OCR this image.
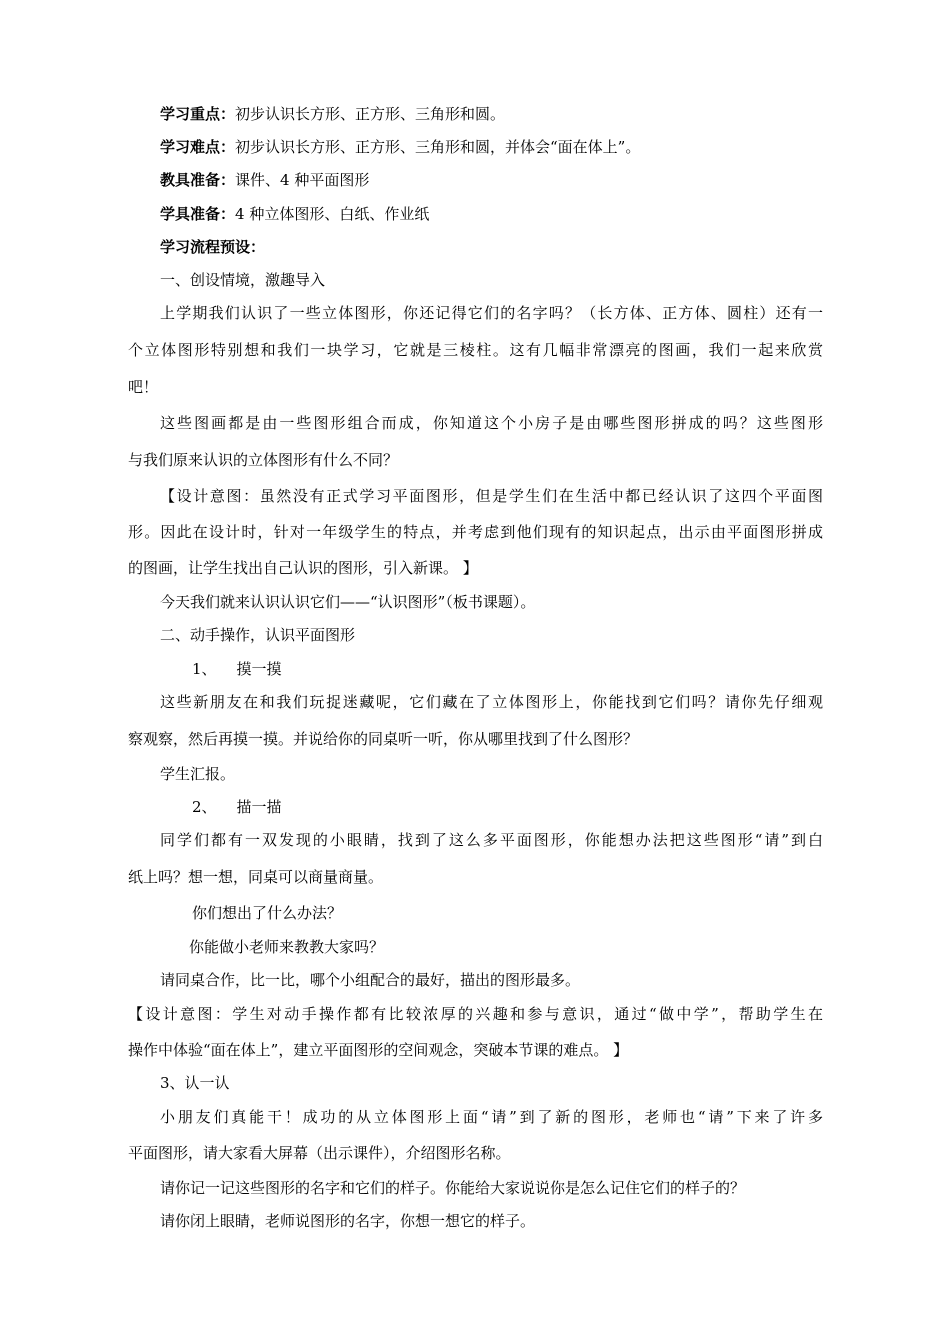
学习重点：初步认识长方形、正方形、三角形和圆。
学习难点：初步认识长方形、正方形、三角形和圆，并体会“面在体上”。
教具准备：课件、4 种平面图形
学具准备：4 种立体图形、白纸、作业纸
学习流程预设：
一、创设情境，激趣导入
上学期我们认识了一些立体图形，你还记得它们的名字吗？（长方体、正方体、圆柱）还有一
个立体图形特别想和我们一块学习，它就是三棱柱。这有几幅非常漂亮的图画，我们一起来欣赏
吧！
这些图画都是由一些图形组合而成，你知道这个小房子是由哪些图形拼成的吗？这些图形
与我们原来认识的立体图形有什么不同？
【设计意图：虽然没有正式学习平面图形，但是学生们在生活中都已经认识了这四个平面图
形。因此在设计时，针对一年级学生的特点，并考虑到他们现有的知识起点，出示由平面图形拼成
的图画，让学生找出自己认识的图形，引入新课。 】
今天我们就来认识认识它们——“认识图形”（板书课题）。
二、动手操作，认识平面图形
1、 摸一摸
这些新朋友在和我们玩捉迷藏呢，它们藏在了立体图形上，你能找到它们吗？请你先仔细观
察观察，然后再摸一摸。并说给你的同桌听一听，你从哪里找到了什么图形？
学生汇报。
2、 描一描
同学们都有一双发现的小眼睛，找到了这么多平面图形，你能想办法把这些图形“请”到白
纸上吗？想一想，同桌可以商量商量。
你们想出了什么办法？
你能做小老师来教教大家吗？
请同桌合作，比一比，哪个小组配合的最好，描出的图形最多。
【设计意图：学生对动手操作都有比较浓厚的兴趣和参与意识，通过“做中学”，帮助学生在
操作中体验“面在体上”，建立平面图形的空间观念，突破本节课的难点。 】
3、认一认
小朋友们真能干！成功的从立体图形上面“请”到了新的图形，老师也“请”下来了许多
平面图形，请大家看大屏幕（出示课件），介绍图形名称。
请你记一记这些图形的名字和它们的样子。你能给大家说说你是怎么记住它们的样子的？
请你闭上眼睛，老师说图形的名字，你想一想它的样子。
